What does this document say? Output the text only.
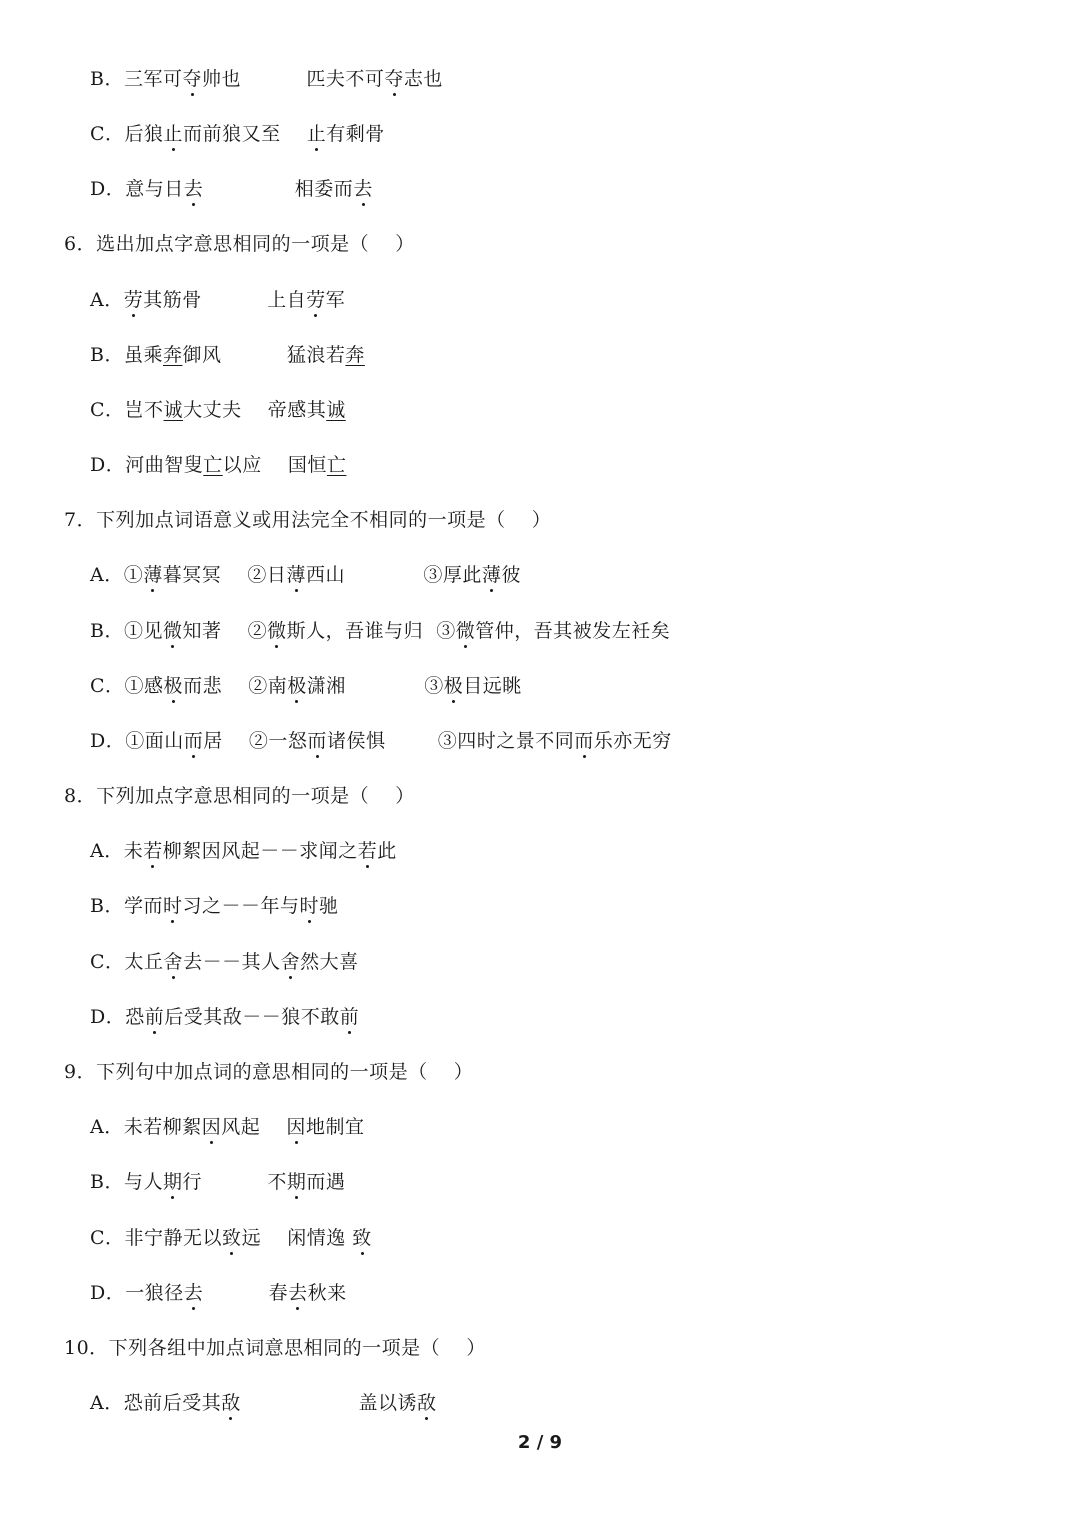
B．三军可夺帅也          匹夫不可夺志也
C．后狼止而前狼又至    止有剩骨
D．意与日去              相委而去
6．选出加点字意思相同的一项是（    ）
A．劳其筋骨          上自劳军
B．虽乘奔御风          猛浪若奔
C．岂不诚大丈夫    帝感其诚
D．河曲智叟亡以应    国恒亡
7．下列加点词语意义或用法完全不相同的一项是（    ）
A．①薄暮冥冥    ②日薄西山            ③厚此薄彼
B．①见微知著    ②微斯人，吾谁与归  ③微管仲，吾其被发左衽矣
C．①感极而悲    ②南极潇湘            ③极目远眺
D．①面山而居    ②一怒而诸侯惧        ③四时之景不同而乐亦无穷
8．下列加点字意思相同的一项是（    ）
A．未若柳絮因风起－－求闻之若此
B．学而时习之－－年与时驰
C．太丘舍去－－其人舍然大喜
D．恐前后受其敌－－狼不敢前
9．下列句中加点词的意思相同的一项是（    ）
A．未若柳絮因风起    因地制宜
B．与人期行          不期而遇
C．非宁静无以致远    闲情逸 致
D．一狼径去          春去秋来
10．下列各组中加点词意思相同的一项是（    ）
A．恐前后受其敌                  盖以诱敌
2 / 9
